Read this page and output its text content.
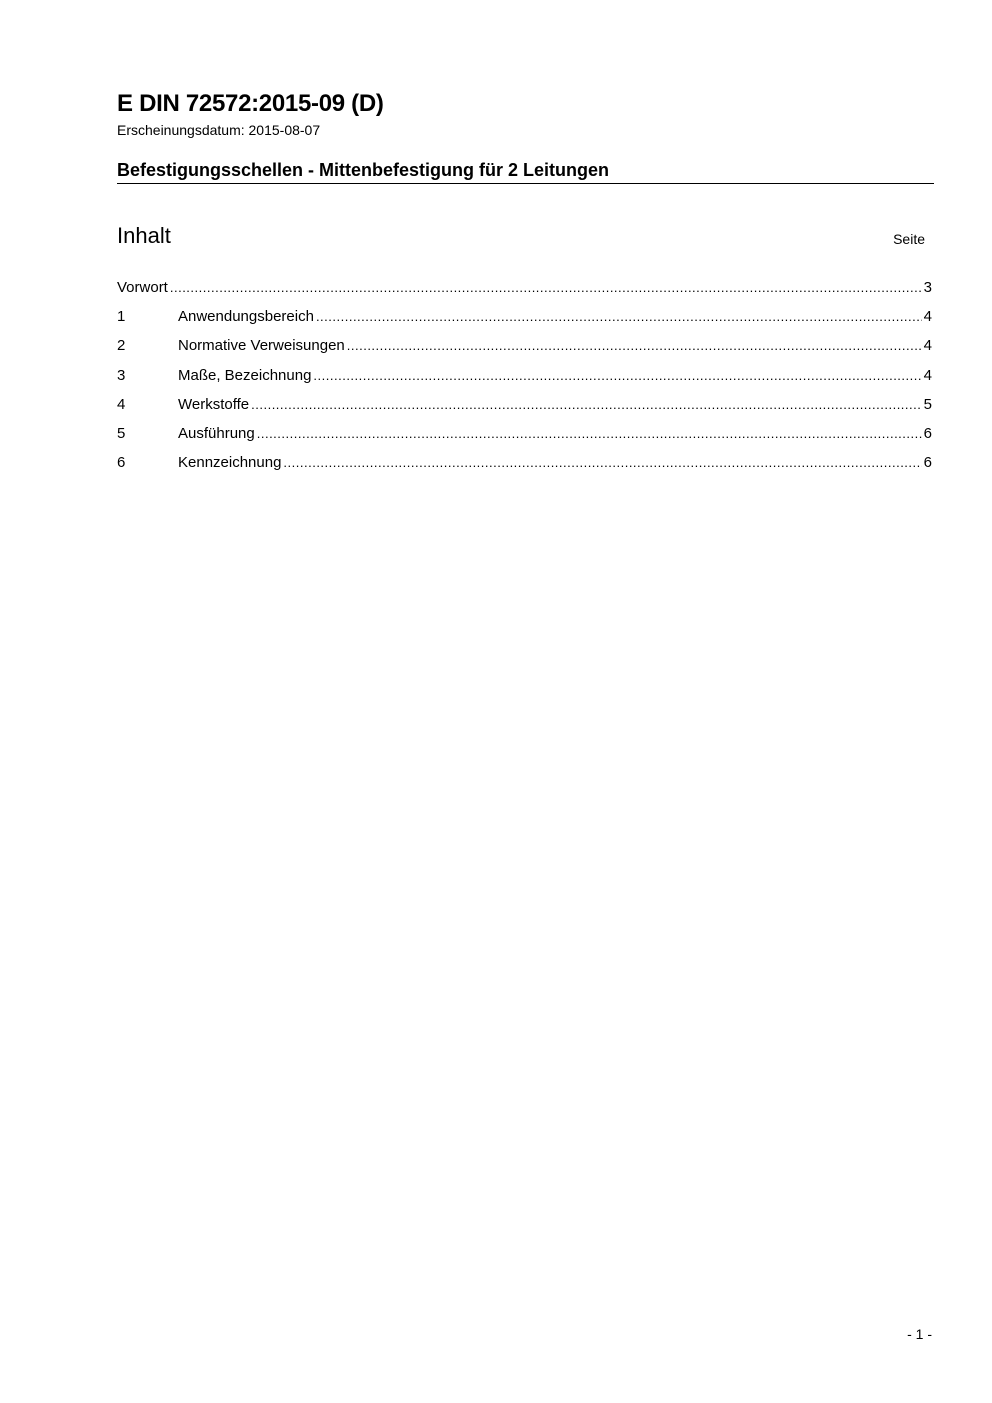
E DIN 72572:2015-09 (D)
Erscheinungsdatum: 2015-08-07
Befestigungsschellen - Mittenbefestigung für 2 Leitungen
Inhalt	Seite
Vorwort .....	3
1	Anwendungsbereich .....	4
2	Normative Verweisungen .....	4
3	Maße, Bezeichnung .....	4
4	Werkstoffe .....	5
5	Ausführung .....	6
6	Kennzeichnung .....	6
- 1 -
